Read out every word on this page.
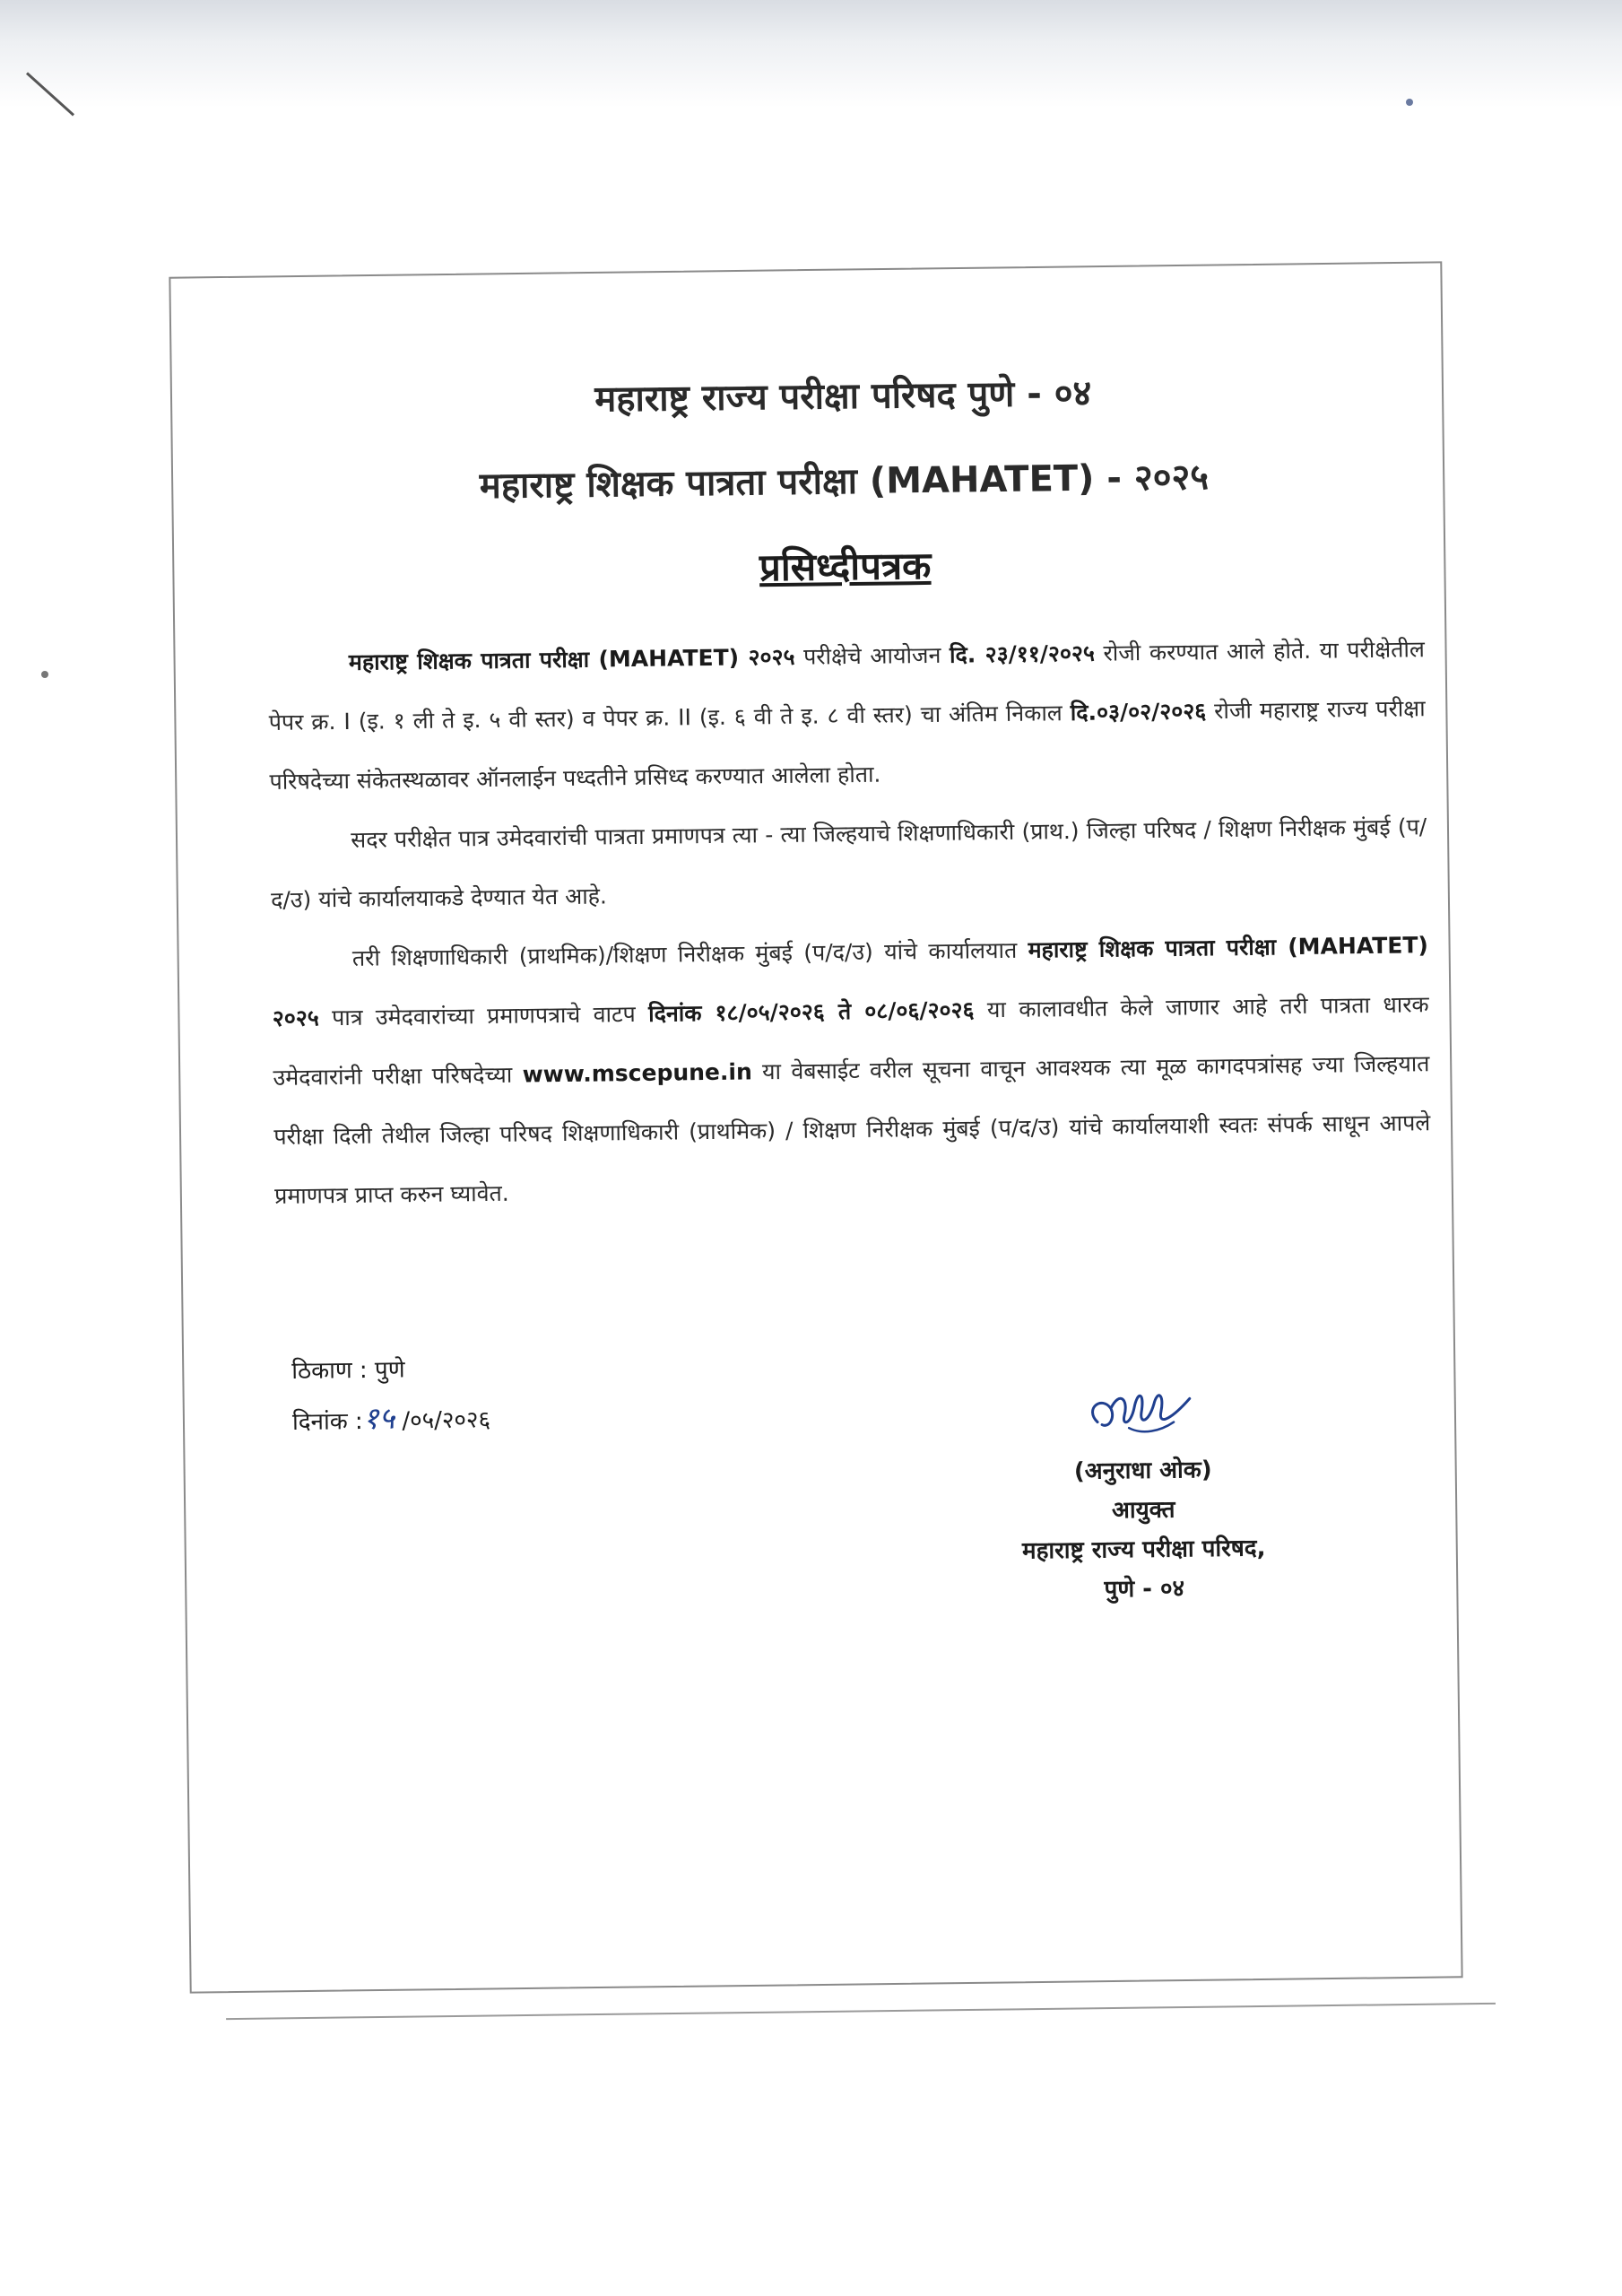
महाराष्ट्र राज्य परीक्षा परिषद पुणे - ०४
महाराष्ट्र शिक्षक पात्रता परीक्षा (MAHATET) - २०२५
प्रसिध्दीपत्रक

महाराष्ट्र शिक्षक पात्रता परीक्षा (MAHATET) २०२५ परीक्षेचे आयोजन दि. २३/११/२०२५ रोजी करण्यात आले होते. या परीक्षेतील पेपर क्र. I (इ. १ ली ते इ. ५ वी स्तर) व पेपर क्र. II (इ. ६ वी ते इ. ८ वी स्तर) चा अंतिम निकाल दि.०३/०२/२०२६ रोजी महाराष्ट्र राज्य परीक्षा परिषदेच्या संकेतस्थळावर ऑनलाईन पध्दतीने प्रसिध्द करण्यात आलेला होता.

सदर परीक्षेत पात्र उमेदवारांची पात्रता प्रमाणपत्र त्या - त्या जिल्हयाचे शिक्षणाधिकारी (प्राथ.) जिल्हा परिषद / शिक्षण निरीक्षक मुंबई (प/द/उ) यांचे कार्यालयाकडे देण्यात येत आहे.

तरी शिक्षणाधिकारी (प्राथमिक)/शिक्षण निरीक्षक मुंबई (प/द/उ) यांचे कार्यालयात महाराष्ट्र शिक्षक पात्रता परीक्षा (MAHATET) २०२५ पात्र उमेदवारांच्या प्रमाणपत्राचे वाटप दिनांक १८/०५/२०२६ ते ०८/०६/२०२६ या कालावधीत केले जाणार आहे तरी पात्रता धारक उमेदवारांनी परीक्षा परिषदेच्या www.mscepune.in या वेबसाईट वरील सूचना वाचून आवश्यक त्या मूळ कागदपत्रांसह ज्या जिल्हयात परीक्षा दिली तेथील जिल्हा परिषद शिक्षणाधिकारी (प्राथमिक) / शिक्षण निरीक्षक मुंबई (प/द/उ) यांचे कार्यालयाशी स्वतः संपर्क साधून आपले प्रमाणपत्र प्राप्त करुन घ्यावेत.

ठिकाण : पुणे
दिनांक :१५ /०५/२०२६
(अनुराधा ओक)
आयुक्त
महाराष्ट्र राज्य परीक्षा परिषद,
पुणे - ०४
